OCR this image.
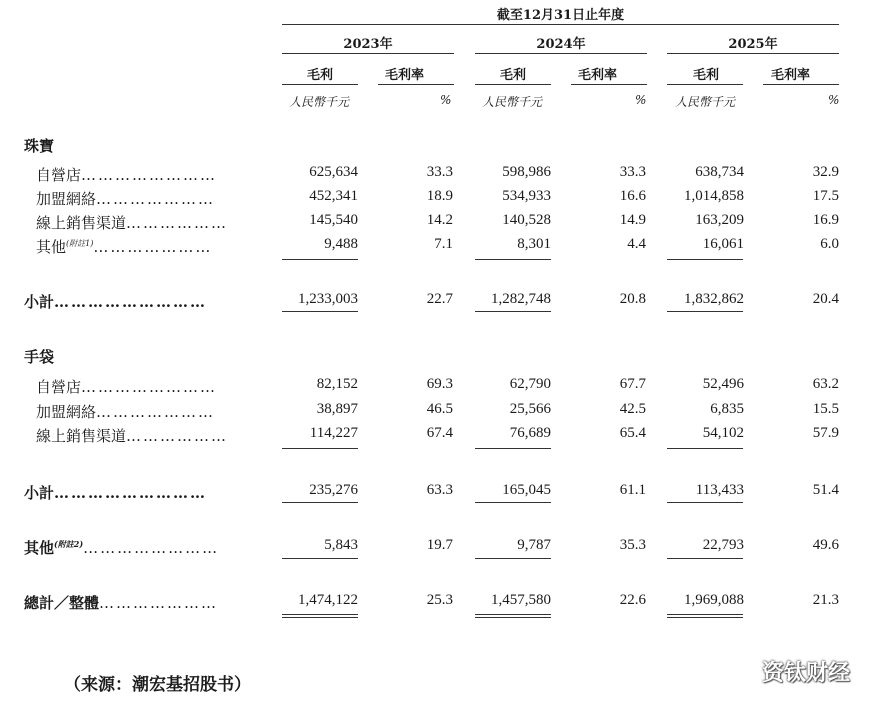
截至12月31日止年度
2023年	2024年	2025年
毛利	毛利率	毛利	毛利率	毛利	毛利率
人民幣千元	%	人民幣千元	% 人民幣千元	%
珠寶
自營店……………………	625,634	33.3	598,986	33.3	638,734	32.9
加盟網絡…………………	452,341	18.9	534,933	16.6	1,014,858	17.5
線上銷售渠道………………	145,540	14.2	140,528	14.9	163,209	16.9
其他$^{(附註1)}$…………………	9,488	7.1	8,301	4.4	16,061	6.0
小計………………………	1,233,003	22.7	1,282,748	20.8	1,832,862	20.4
手袋
自營店……………………	82,152	69.3	62,790	67.7	52,496	63.2
加盟網絡…………………	38,897	46.5	25,566	42.5	6,835	15.5
線上銷售渠道………………	114,227	67.4	76,689	65.4	54,102	57.9
小計………………………	235,276	63.3	165,045	61.1	113,433	51.4
其他$^{(附註2)}$……………………	5,843	19.7	9,787	35.3	22,793	49.6
總計／整體…………………	1,474,122	25.3	1,457,580	22.6	1,969,088	21.3
（来源：潮宏基招股书）	资钛财经
